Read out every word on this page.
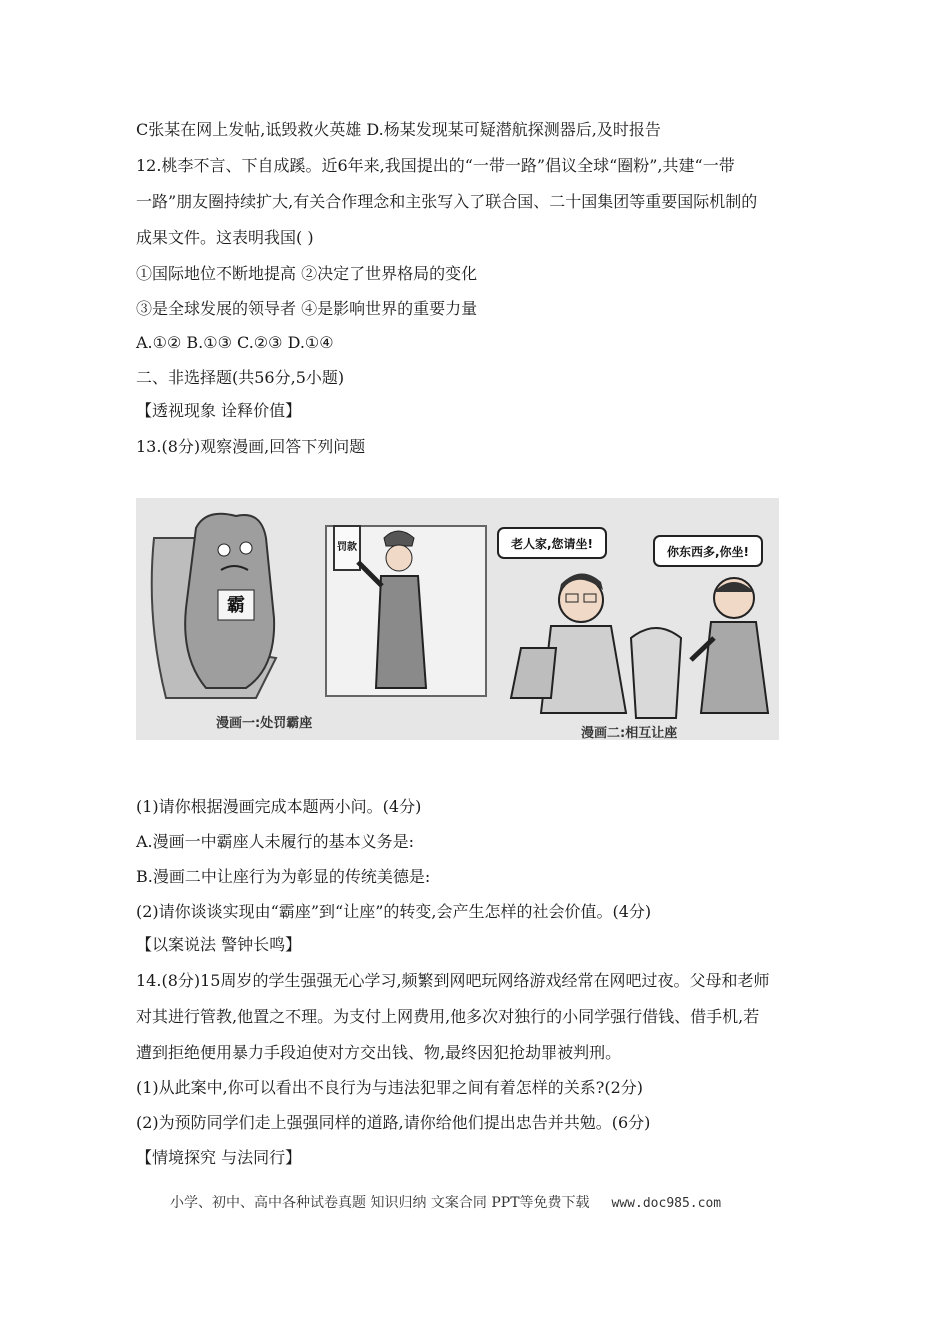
C张某在网上发帖,诋毁救火英雄 D.杨某发现某可疑潜航探测器后,及时报告
12.桃李不言、下自成蹊。近6年来,我国提出的“一带一路”倡议全球“圈粉”,共建“一带
一路”朋友圈持续扩大,有关合作理念和主张写入了联合国、二十国集团等重要国际机制的
成果文件。这表明我国( )
①国际地位不断地提高 ②决定了世界格局的变化
③是全球发展的领导者 ④是影响世界的重要力量
A.①② B.①③ C.②③ D.①④
二、非选择题(共56分,5小题)
【透视现象 诠释价值】
13.(8分)观察漫画,回答下列问题
霸
罚款	老人家,您请坐!
你东西多,你坐!
漫画一:处罚霸座
漫画二:相互让座
(1)请你根据漫画完成本题两小问。(4分)
A.漫画一中霸座人未履行的基本义务是:
B.漫画二中让座行为为彰显的传统美德是:
(2)请你谈谈实现由“霸座”到“让座”的转变,会产生怎样的社会价值。(4分)
【以案说法 警钟长鸣】
14.(8分)15周岁的学生强强无心学习,频繁到网吧玩网络游戏经常在网吧过夜。父母和老师
对其进行管教,他置之不理。为支付上网费用,他多次对独行的小同学强行借钱、借手机,若
遭到拒绝便用暴力手段迫使对方交出钱、物,最终因犯抢劫罪被判刑。
(1)从此案中,你可以看出不良行为与违法犯罪之间有着怎样的关系?(2分)
(2)为预防同学们走上强强同样的道路,请你给他们提出忠告并共勉。(6分)
【情境探究 与法同行】
小学、初中、高中各种试卷真题 知识归纳 文案合同 PPT等免费下载 www.doc985.com
